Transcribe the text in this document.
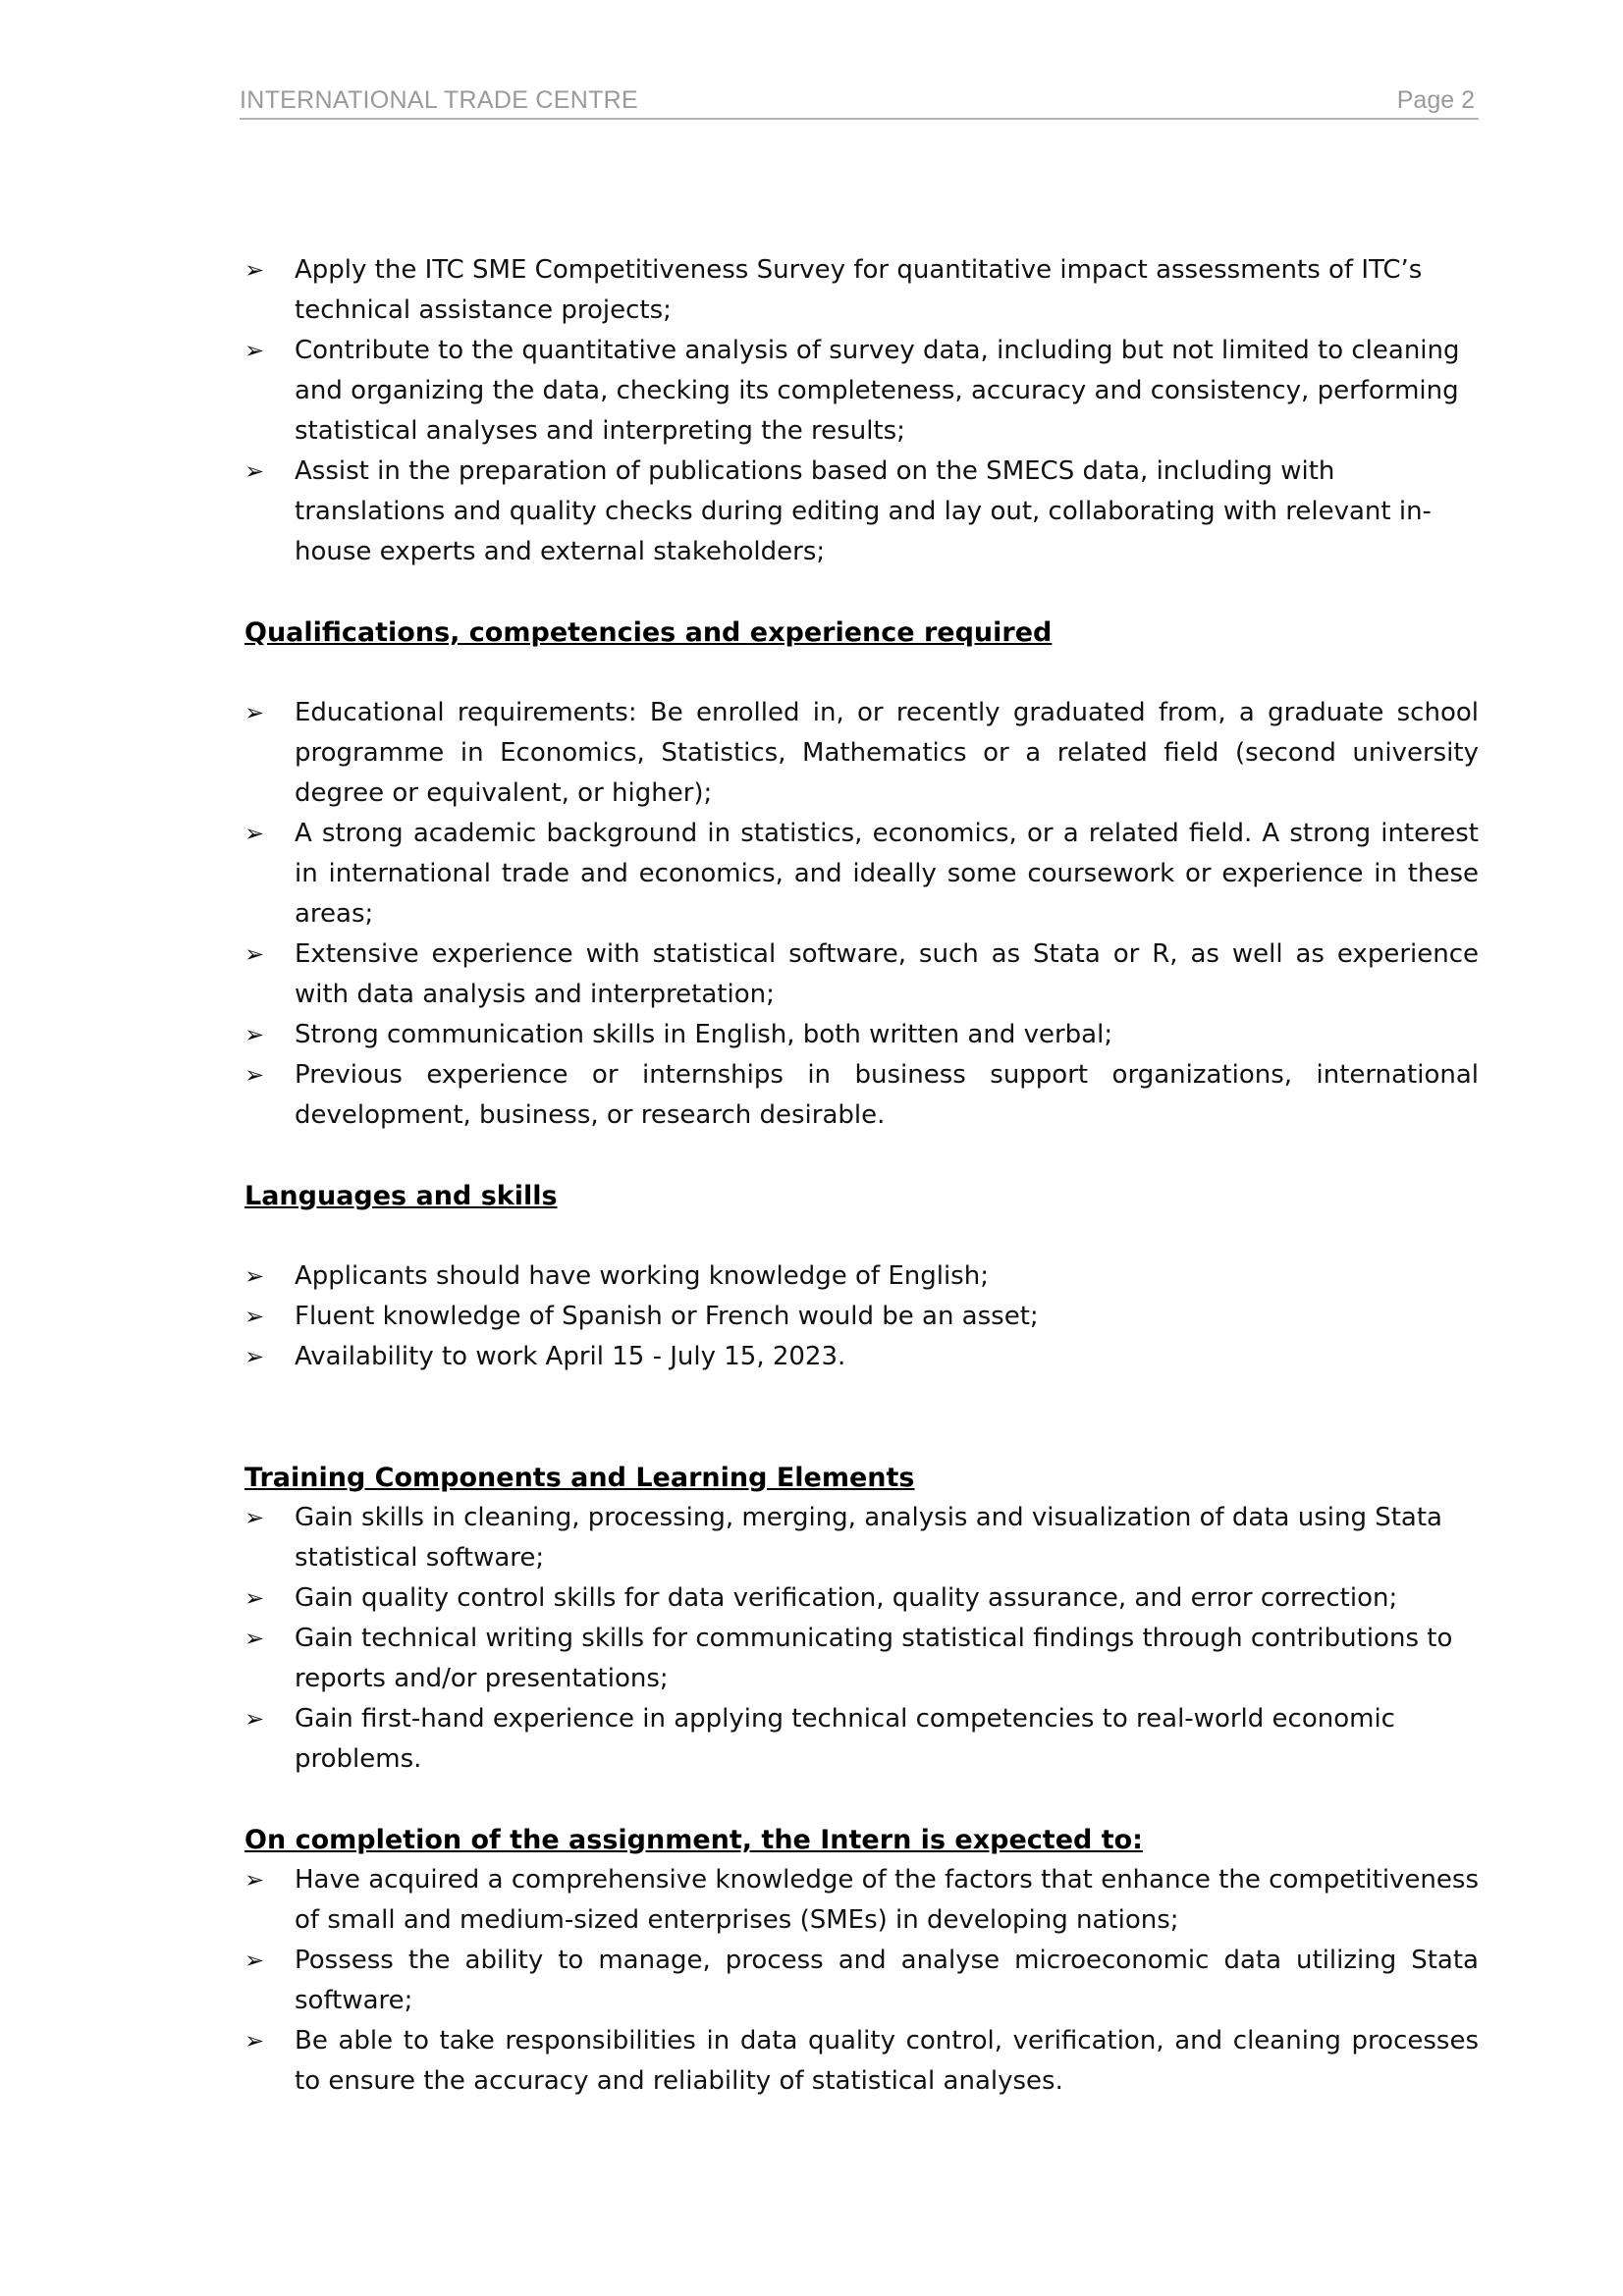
INTERNATIONAL TRADE CENTRE	Page 2
➢ Apply the ITC SME Competitiveness Survey for quantitative impact assessments of ITC’s technical assistance projects;
➢ Contribute to the quantitative analysis of survey data, including but not limited to cleaning and organizing the data, checking its completeness, accuracy and consistency, performing statistical analyses and interpreting the results;
➢ Assist in the preparation of publications based on the SMECS data, including with translations and quality checks during editing and lay out, collaborating with relevant in-house experts and external stakeholders;
Qualifications, competencies and experience required
➢ Educational requirements: Be enrolled in, or recently graduated from, a graduate school programme in Economics, Statistics, Mathematics or a related field (second university degree or equivalent, or higher);
➢ A strong academic background in statistics, economics, or a related field. A strong interest in international trade and economics, and ideally some coursework or experience in these areas;
➢ Extensive experience with statistical software, such as Stata or R, as well as experience with data analysis and interpretation;
➢ Strong communication skills in English, both written and verbal;
➢ Previous experience or internships in business support organizations, international development, business, or research desirable.
Languages and skills
➢ Applicants should have working knowledge of English;
➢ Fluent knowledge of Spanish or French would be an asset;
➢ Availability to work April 15 - July 15, 2023.
Training Components and Learning Elements
➢ Gain skills in cleaning, processing, merging, analysis and visualization of data using Stata statistical software;
➢ Gain quality control skills for data verification, quality assurance, and error correction;
➢ Gain technical writing skills for communicating statistical findings through contributions to reports and/or presentations;
➢ Gain first-hand experience in applying technical competencies to real-world economic problems.
On completion of the assignment, the Intern is expected to:
➢ Have acquired a comprehensive knowledge of the factors that enhance the competitiveness of small and medium-sized enterprises (SMEs) in developing nations;
➢ Possess the ability to manage, process and analyse microeconomic data utilizing Stata software;
➢ Be able to take responsibilities in data quality control, verification, and cleaning processes to ensure the accuracy and reliability of statistical analyses.
